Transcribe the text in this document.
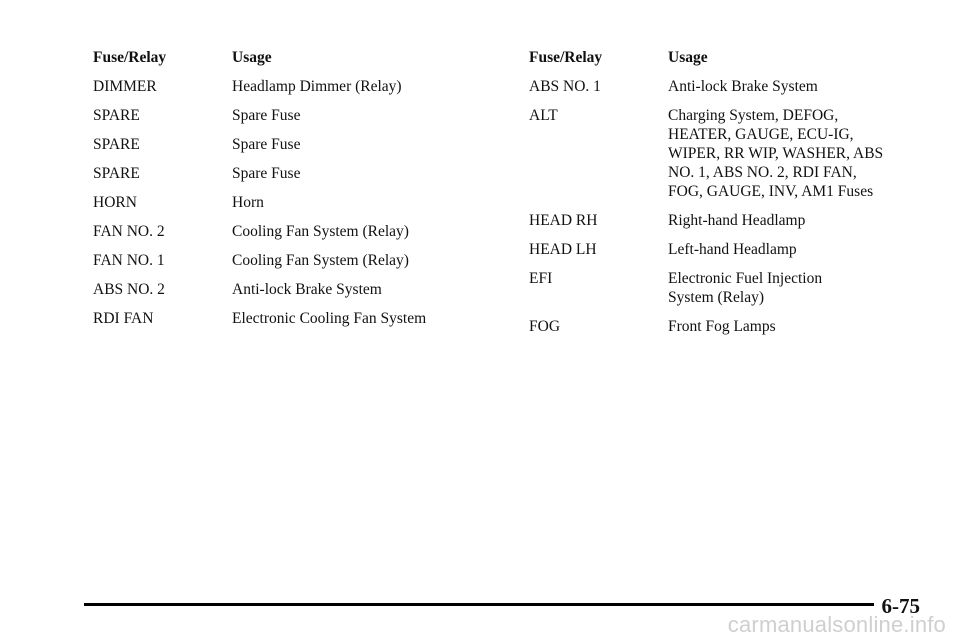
Fuse/Relay	Usage
DIMMER	Headlamp Dimmer (Relay)
SPARE	Spare Fuse
SPARE	Spare Fuse
SPARE	Spare Fuse
HORN	Horn
FAN NO. 2	Cooling Fan System (Relay)
FAN NO. 1	Cooling Fan System (Relay)
ABS NO. 2	Anti-lock Brake System
RDI FAN	Electronic Cooling Fan System
Fuse/Relay	Usage
ABS NO. 1	Anti-lock Brake System
ALT	Charging System, DEFOG,
HEATER, GAUGE, ECU-IG,
WIPER, RR WIP, WASHER, ABS
NO. 1, ABS NO. 2, RDI FAN,
FOG, GAUGE, INV, AM1 Fuses
HEAD RH	Right-hand Headlamp
HEAD LH	Left-hand Headlamp
EFI	Electronic Fuel Injection
System (Relay)
FOG	Front Fog Lamps
6-75
carmanualsonline.info
